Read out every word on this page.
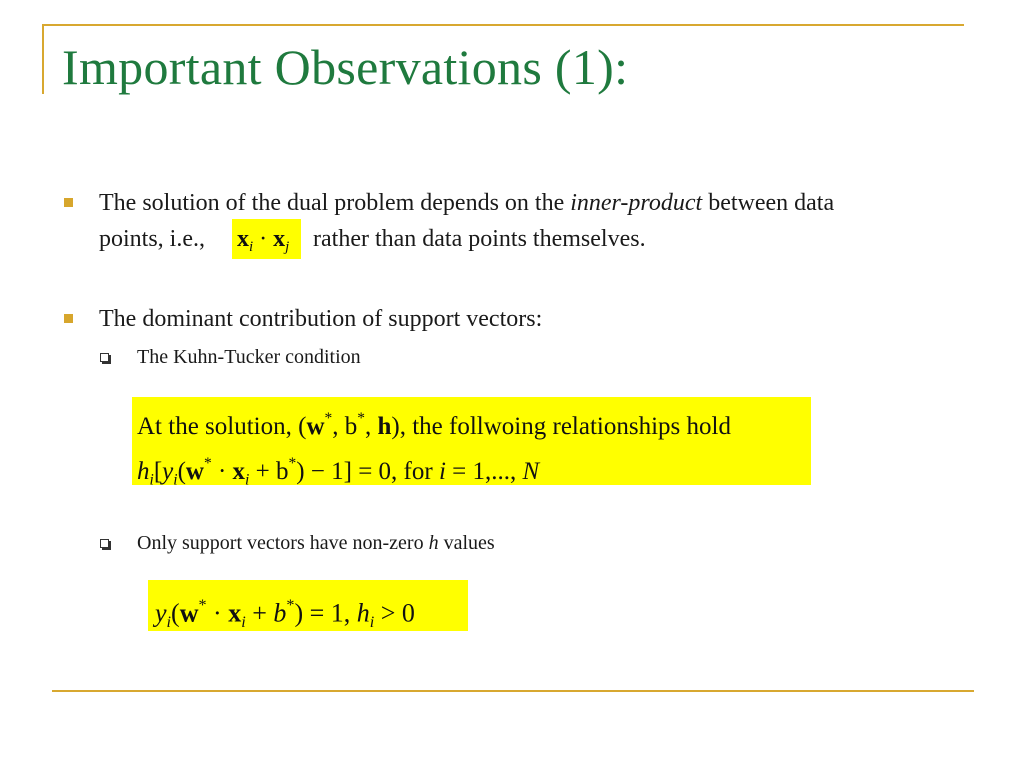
Important Observations (1):
The solution of the dual problem depends on the inner-product between data
points, i.e., $x_i \cdot x_j$ rather than data points themselves.
The dominant contribution of support vectors:
The Kuhn-Tucker condition
At the solution, (w*, b*, h), the follwoing relationships hold
$h_i[y_i(w^* \cdot x_i + b^*) - 1] = 0$, for i = 1,..., N
Only support vectors have non-zero h values
$y_i(w^* \cdot x_i + b^*) = 1$, $h_i > 0$
